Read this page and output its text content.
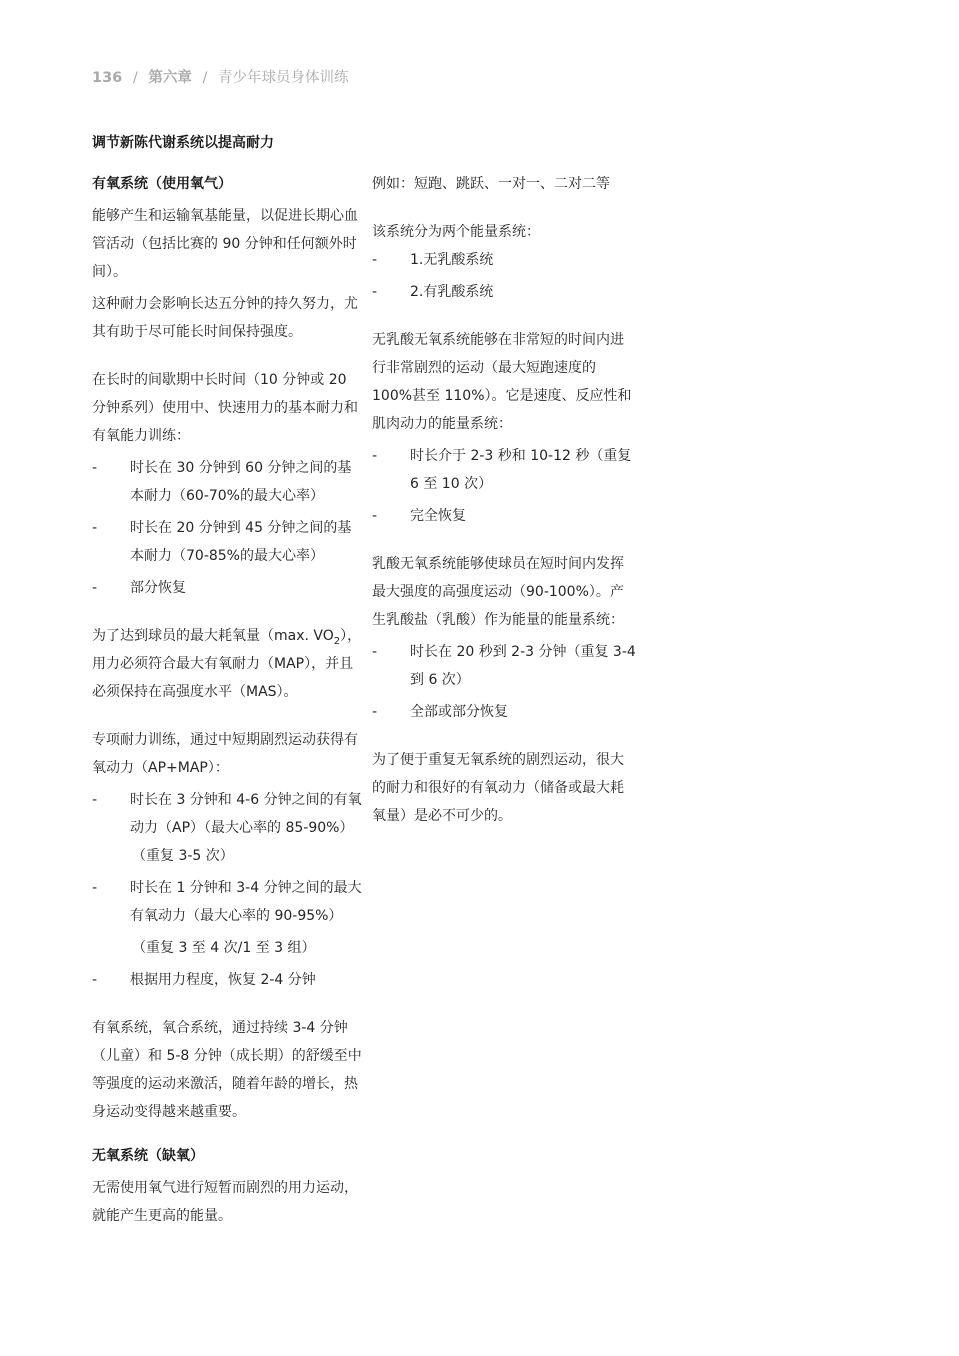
136 / 第六章 / 青少年球员身体训练
调节新陈代谢系统以提高耐力

有氧系统（使用氧气）

能够产生和运输氧基能量，以促进长期心血管活动（包括比赛的 90 分钟和任何额外时间）。

这种耐力会影响长达五分钟的持久努力，尤其有助于尽可能长时间保持强度。

在长时的间歇期中长时间（10 分钟或 20 分钟系列）使用中、快速用力的基本耐力和有氧能力训练：

- 时长在 30 分钟到 60 分钟之间的基本耐力（60-70%的最大心率）
- 时长在 20 分钟到 45 分钟之间的基本耐力（70-85%的最大心率）
- 部分恢复

为了达到球员的最大耗氧量（max. $VO_2$），用力必须符合最大有氧耐力（MAP），并且必须保持在高强度水平（MAS）。

专项耐力训练，通过中短期剧烈运动获得有氧动力（AP+MAP）：

- 时长在 3 分钟和 4-6 分钟之间的有氧动力（AP）（最大心率的 85-90%）
（重复 3-5 次）
- 时长在 1 分钟和 3-4 分钟之间的最大有氧动力（最大心率的 90-95%）
（重复 3 至 4 次/1 至 3 组）
- 根据用力程度，恢复 2-4 分钟

有氧系统，氧合系统，通过持续 3-4 分钟（儿童）和 5-8 分钟（成长期）的舒缓至中等强度的运动来激活，随着年龄的增长，热身运动变得越来越重要。

无氧系统（缺氧）

无需使用氧气进行短暂而剧烈的用力运动，就能产生更高的能量。

例如：短跑、跳跃、一对一、二对二等

该系统分为两个能量系统：

- 1.无乳酸系统
- 2.有乳酸系统

无乳酸无氧系统能够在非常短的时间内进行非常剧烈的运动（最大短跑速度的 100%甚至 110%）。它是速度、反应性和肌肉动力的能量系统：

- 时长介于 2-3 秒和 10-12 秒（重复 6 至 10 次）
- 完全恢复

乳酸无氧系统能够使球员在短时间内发挥最大强度的高强度运动（90-100%）。产生乳酸盐（乳酸）作为能量的能量系统：

- 时长在 20 秒到 2-3 分钟（重复 3-4 到 6 次）
- 全部或部分恢复

为了便于重复无氧系统的剧烈运动，很大的耐力和很好的有氧动力（储备或最大耗氧量）是必不可少的。
